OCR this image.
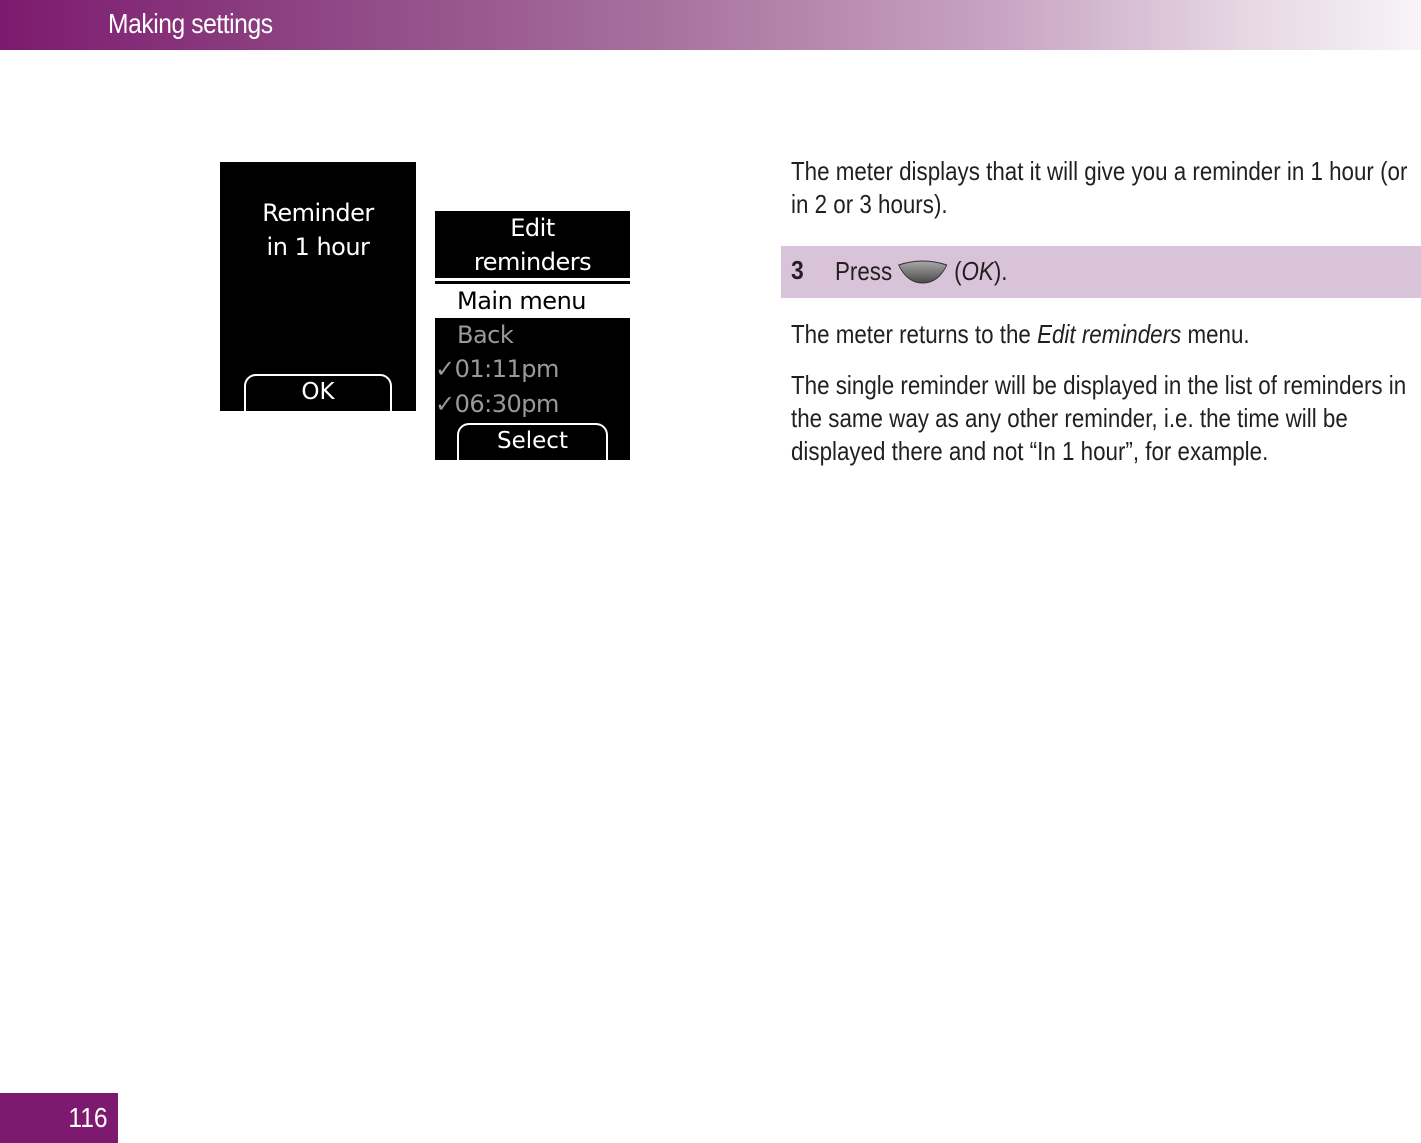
Making settings
Reminder
in 1 hour
OK
Edit
reminders
Main menu
Back
✓01:11pm
✓06:30pm
Select
The meter displays that it will give you a reminder in 1 hour (or in 2 or 3 hours).
3 Press ( OK ).
The meter returns to the Edit reminders menu.
The single reminder will be displayed in the list of reminders in the same way as any other reminder, i.e. the time will be displayed there and not “In 1 hour”, for example.
116
